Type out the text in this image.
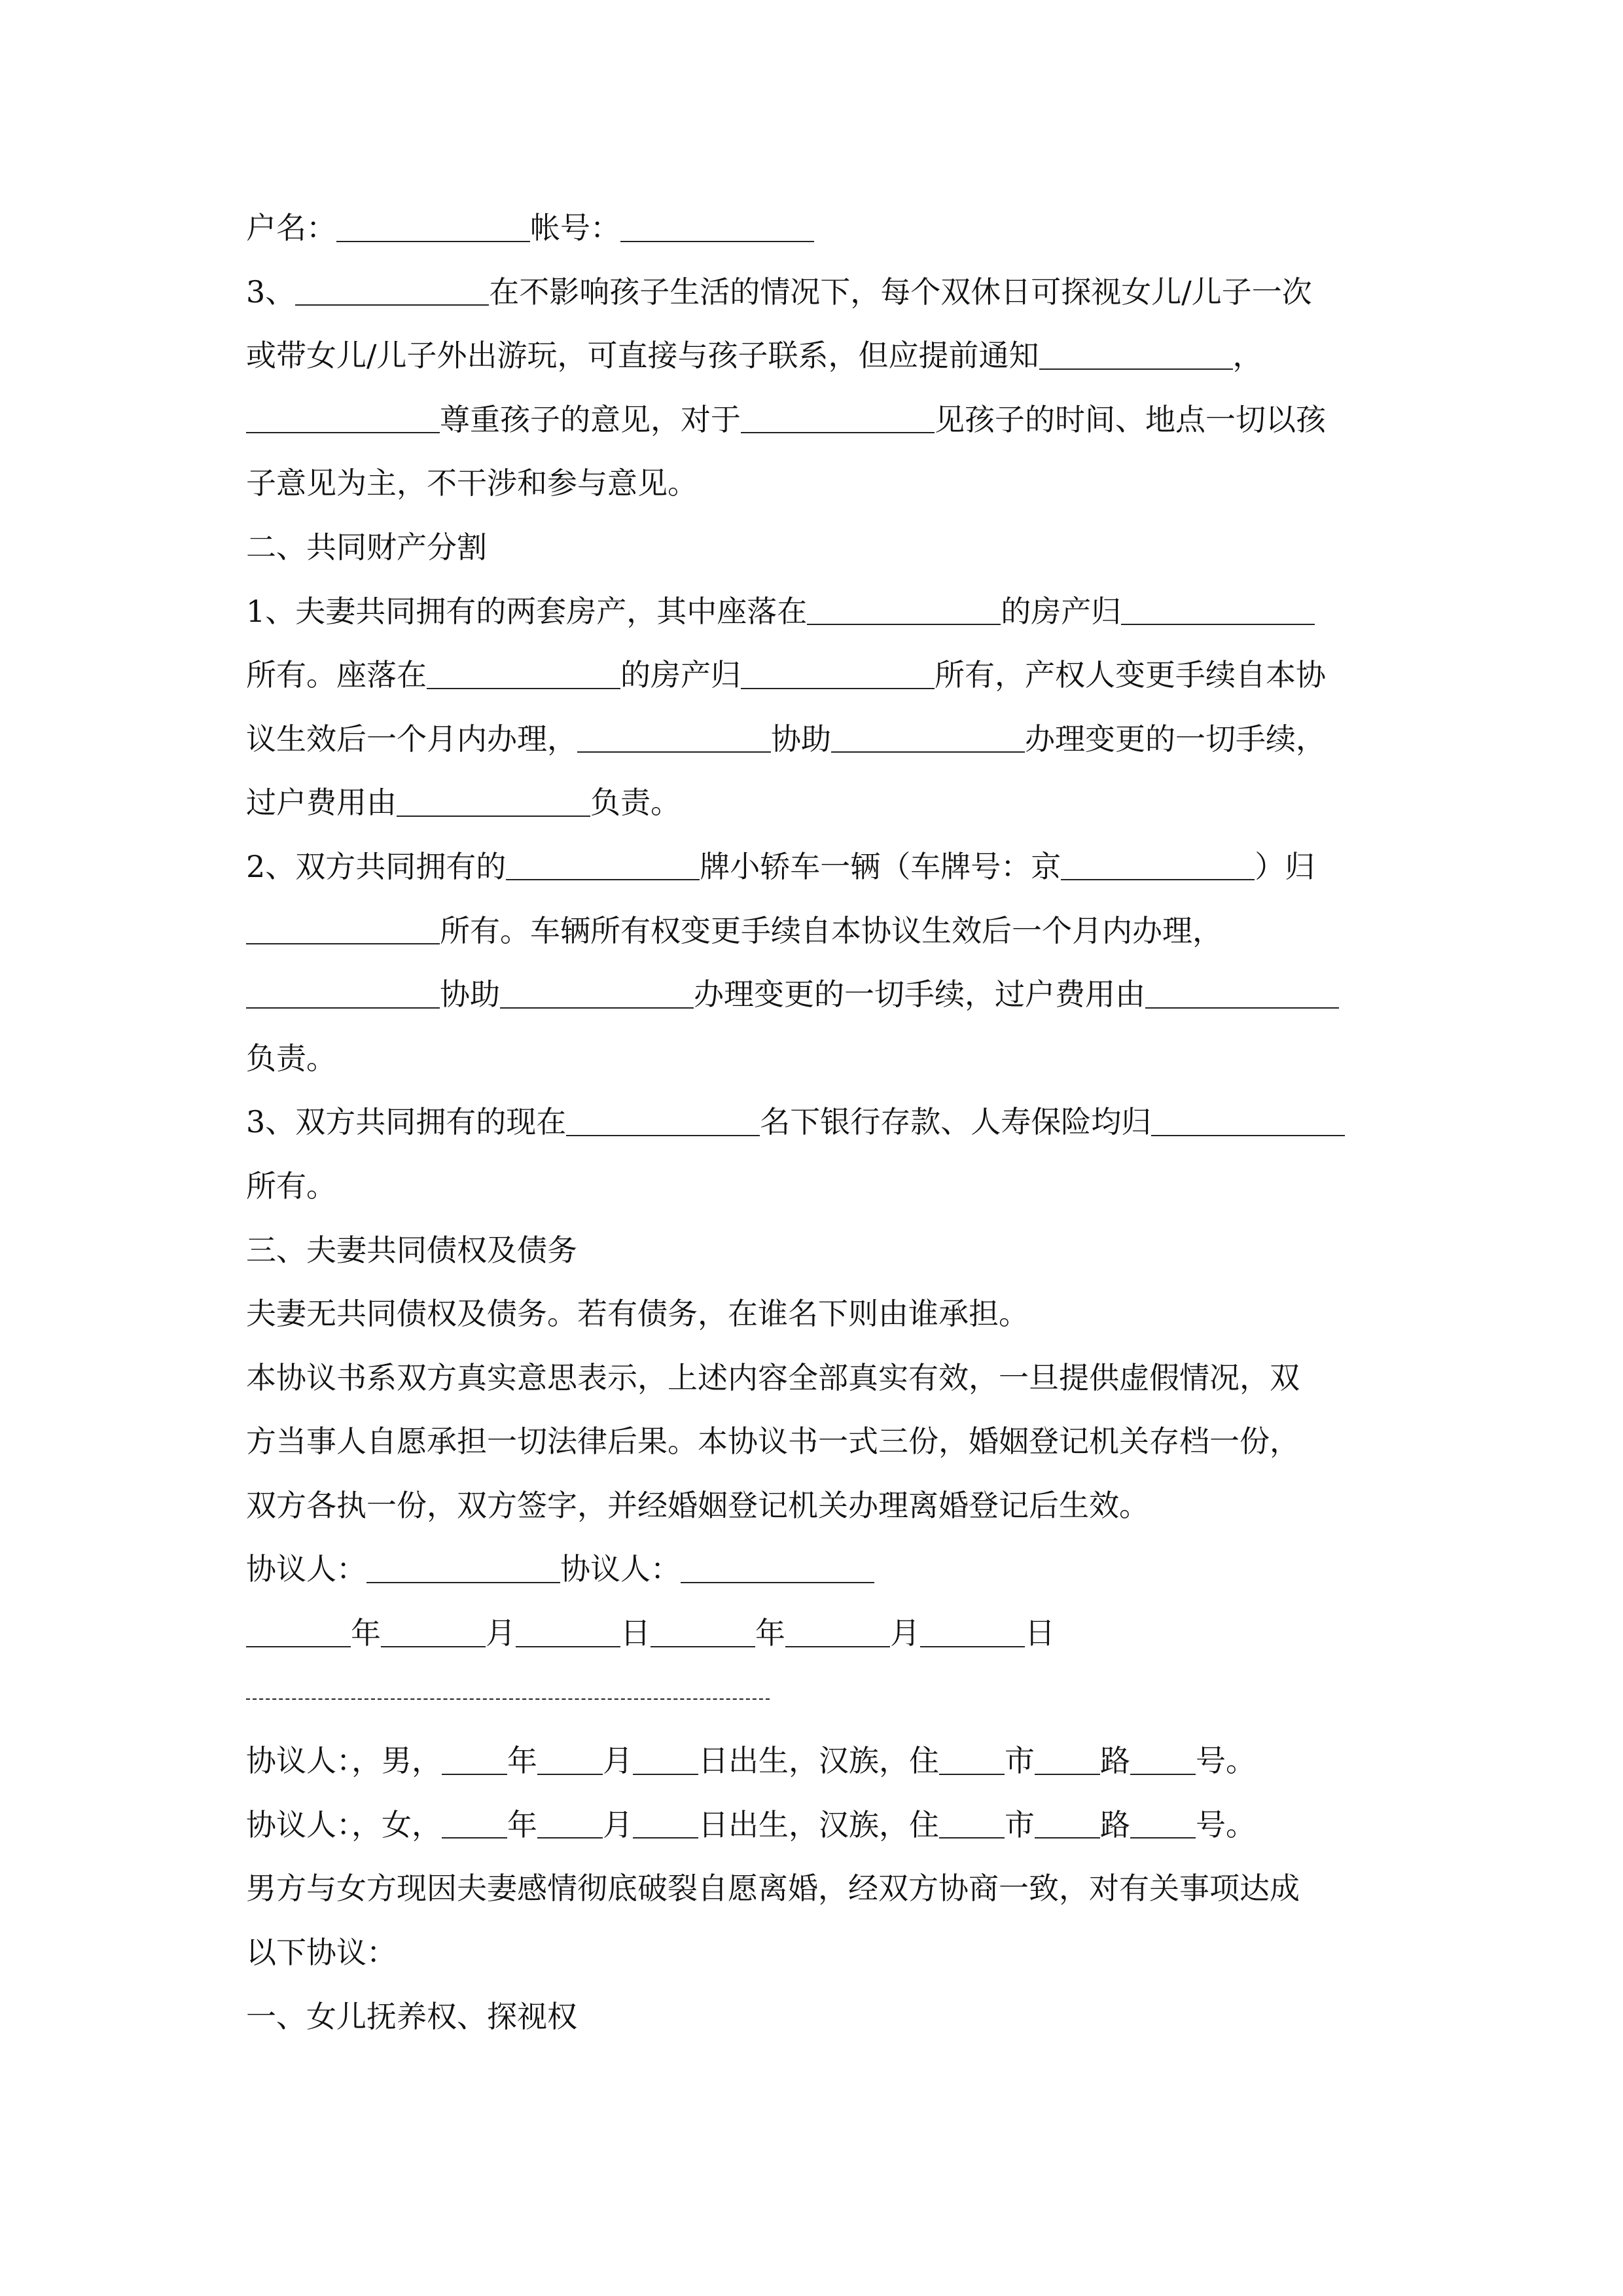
户名：	帐号：
3、	在不影响孩子生活的情况下，每个双休日可探视女儿/儿子一次
或带女儿/儿子外出游玩，可直接与孩子联系，但应提前通知	，
尊重孩子的意见，对于	见孩子的时间、地点一切以孩
子意见为主，不干涉和参与意见。
二、共同财产分割
1、夫妻共同拥有的两套房产，其中座落在	的房产归
所有。座落在	的房产归	所有，产权人变更手续自本协
议生效后一个月内办理，	协助	办理变更的一切手续，
过户费用由	负责。
2、双方共同拥有的	牌小轿车一辆（车牌号：京	）归
所有。车辆所有权变更手续自本协议生效后一个月内办理，
协助	办理变更的一切手续，过户费用由
负责。
3、双方共同拥有的现在	名下银行存款、人寿保险均归
所有。
三、夫妻共同债权及债务
夫妻无共同债权及债务。若有债务，在谁名下则由谁承担。
本协议书系双方真实意思表示，上述内容全部真实有效，一旦提供虚假情况，双
方当事人自愿承担一切法律后果。本协议书一式三份，婚姻登记机关存档一份，
双方各执一份，双方签字，并经婚姻登记机关办理离婚登记后生效。
协议人：	协议人：
年	月	日	年	月	日
协议人：，男， 年 月 日出生，汉族，住 市 路 号。
协议人：，女， 年 月 日出生，汉族，住 市 路 号。
男方与女方现因夫妻感情彻底破裂自愿离婚，经双方协商一致，对有关事项达成
以下协议：
一、女儿抚养权、探视权
